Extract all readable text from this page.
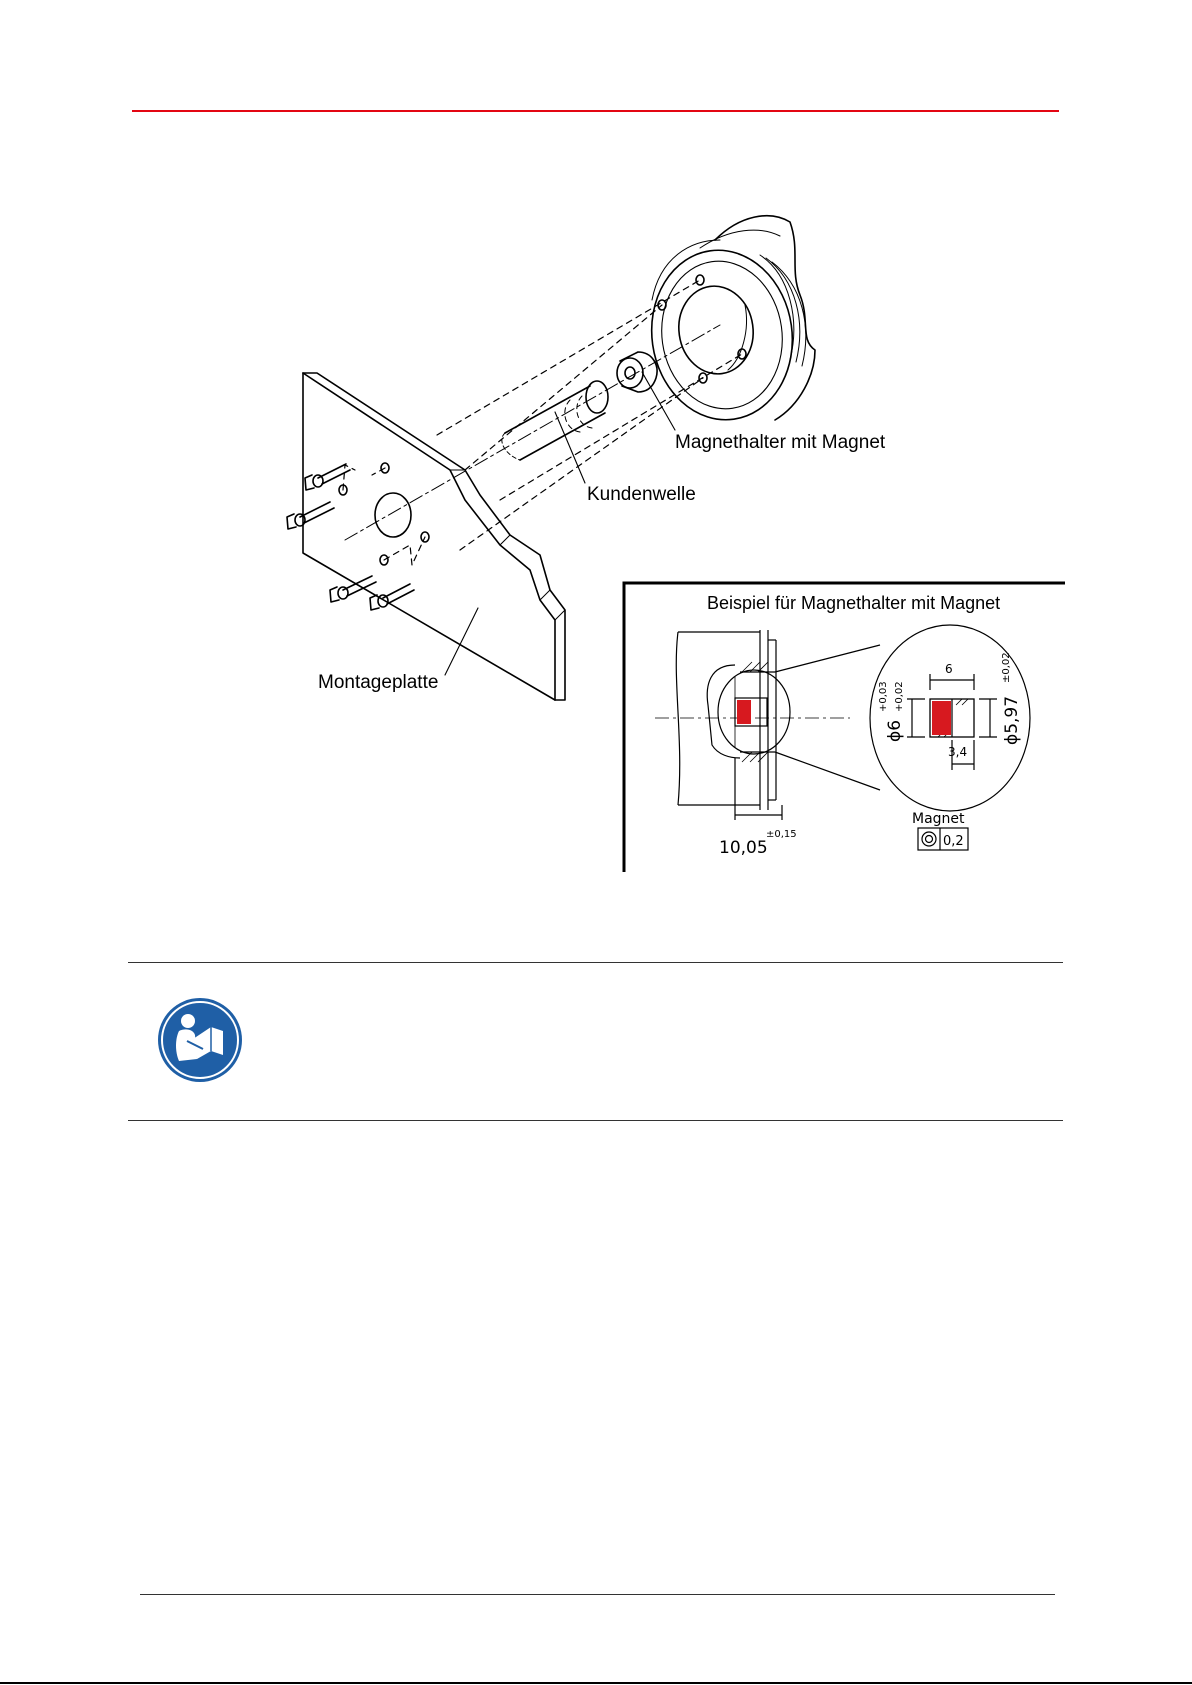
Magnethalter mit Magnet
Kundenwelle
Montageplatte
Beispiel für Magnethalter mit Magnet
6
3,4
ϕ6
+0,03 +0,02	ϕ5,97
±0,02
10,05
±0,15
Magnet
0,2
